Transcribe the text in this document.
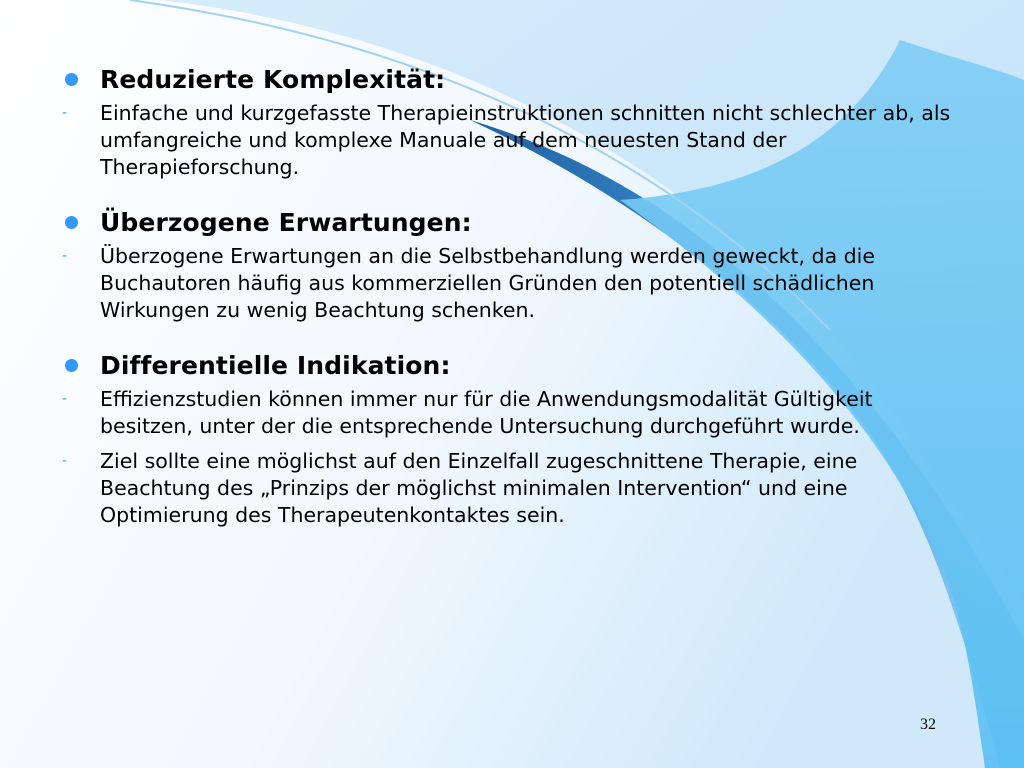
Reduzierte Komplexität:
-	Einfache und kurzgefasste Therapieinstruktionen schnitten nicht schlechter ab, als umfangreiche und komplexe Manuale auf dem neuesten Stand der Therapieforschung.
Überzogene Erwartungen:
-	Überzogene Erwartungen an die Selbstbehandlung werden geweckt, da die Buchautoren häufig aus kommerziellen Gründen den potentiell schädlichen Wirkungen zu wenig Beachtung schenken.
Differentielle Indikation:
-	Effizienzstudien können immer nur für die Anwendungsmodalität Gültigkeit besitzen, unter der die entsprechende Untersuchung durchgeführt wurde.
-	Ziel sollte eine möglichst auf den Einzelfall zugeschnittene Therapie, eine Beachtung des „Prinzips der möglichst minimalen Intervention“ und eine Optimierung des Therapeutenkontaktes sein.
32
